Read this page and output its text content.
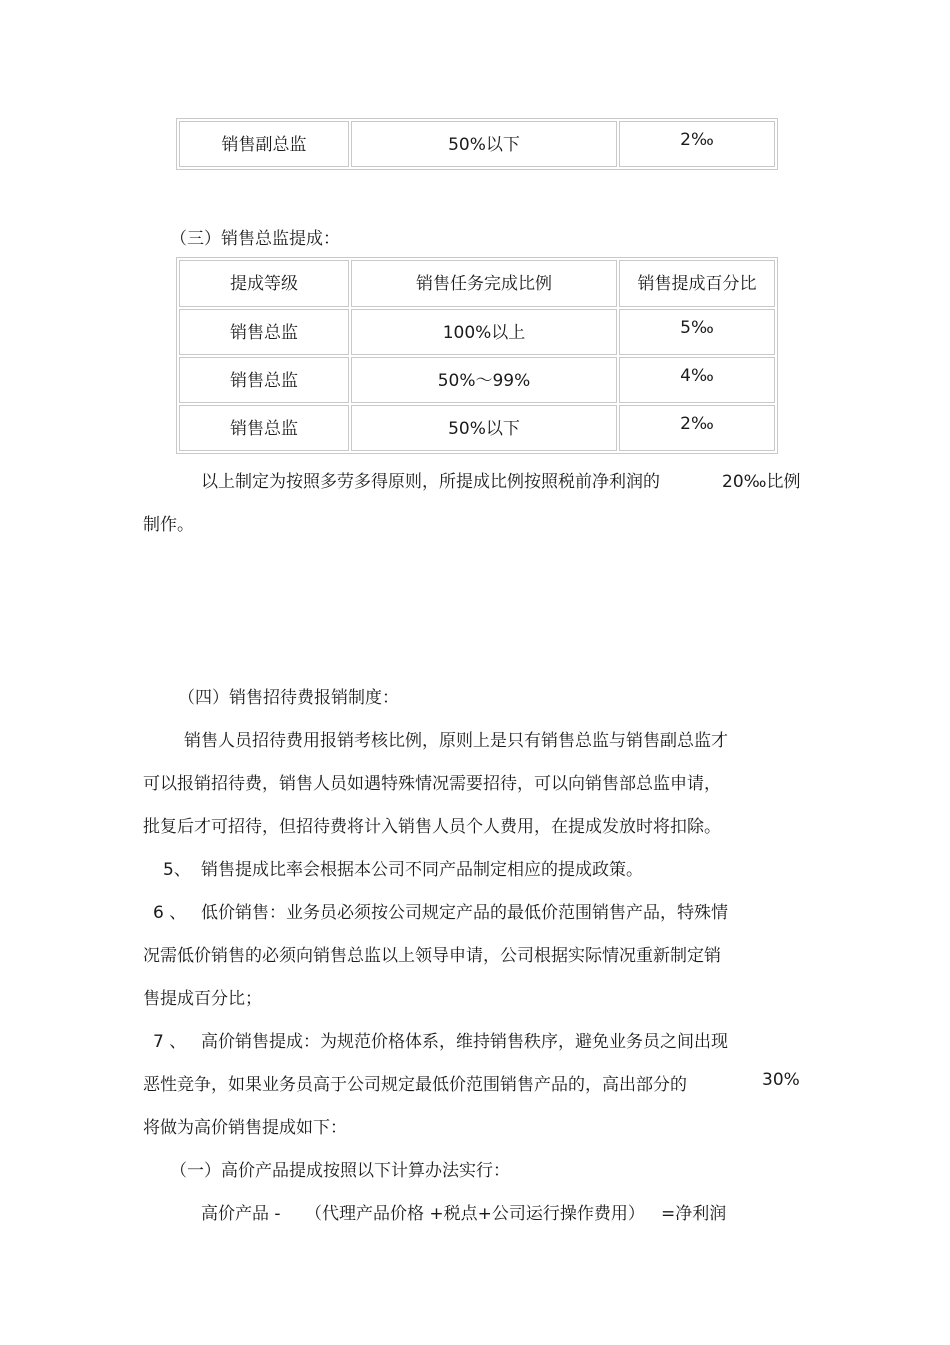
销售副总监	50%以下	2‰
（三）销售总监提成：
提成等级	销售任务完成比例	销售提成百分比
销售总监	100%以上	5‰
销售总监	50%～99%	4‰
销售总监	50%以下	2‰
以上制定为按照多劳多得原则，所提成比例按照税前净利润的	20‰比例
制作。
（四）销售招待费报销制度：
销售人员招待费用报销考核比例，原则上是只有销售总监与销售副总监才
可以报销招待费，销售人员如遇特殊情况需要招待，可以向销售部总监申请，
批复后才可招待，但招待费将计入销售人员个人费用，在提成发放时将扣除。
5、 销售提成比率会根据本公司不同产品制定相应的提成政策。
6 、 低价销售：业务员必须按公司规定产品的最低价范围销售产品，特殊情
况需低价销售的必须向销售总监以上领导申请，公司根据实际情况重新制定销
售提成百分比；
7 、 高价销售提成：为规范价格体系，维持销售秩序，避免业务员之间出现
恶性竞争，如果业务员高于公司规定最低价范围销售产品的，高出部分的	30%
将做为高价销售提成如下：
（一）高价产品提成按照以下计算办法实行：
高价产品 - （代理产品价格 +税点+公司运行操作费用） =净利润
